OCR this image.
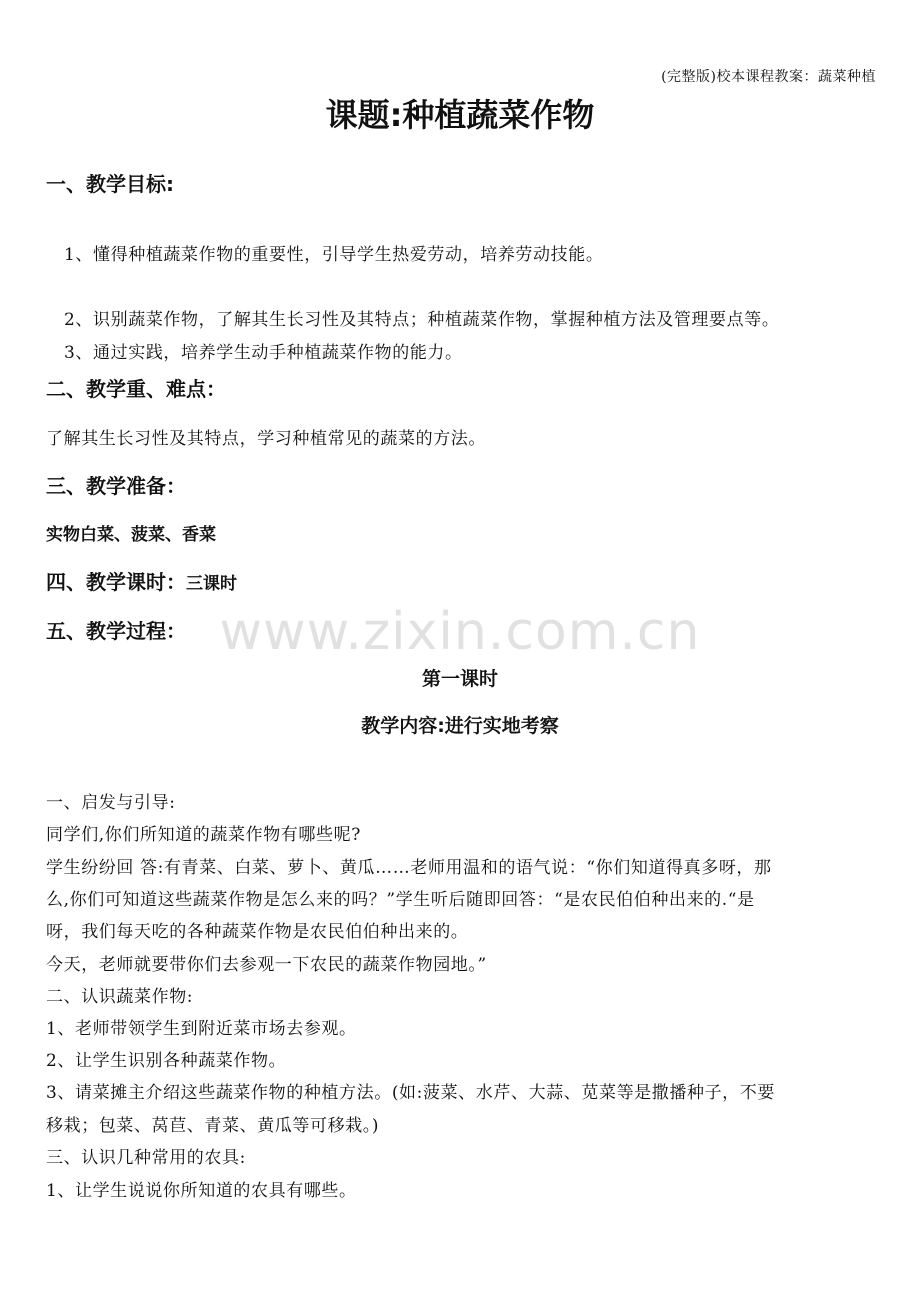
(完整版)校本课程教案：蔬菜种植
课题:种植蔬菜作物
一、教学目标:
1、懂得种植蔬菜作物的重要性，引导学生热爱劳动，培养劳动技能。
2、识别蔬菜作物，了解其生长习性及其特点；种植蔬菜作物，掌握种植方法及管理要点等。
3、通过实践，培养学生动手种植蔬菜作物的能力。
二、教学重、难点：
了解其生长习性及其特点，学习种植常见的蔬菜的方法。
三、教学准备：
实物白菜、菠菜、香菜
四、教学课时：三课时
五、教学过程： www.zixin.com.cn
第一课时
教学内容:进行实地考察
一、启发与引导:
同学们,你们所知道的蔬菜作物有哪些呢?
学生纷纷回 答:有青菜、白菜、萝卜、黄瓜……老师用温和的语气说：“你们知道得真多呀，那
么,你们可知道这些蔬菜作物是怎么来的吗？”学生听后随即回答：“是农民伯伯种出来的.“是
呀，我们每天吃的各种蔬菜作物是农民伯伯种出来的。
今天，老师就要带你们去参观一下农民的蔬菜作物园地。”
二、认识蔬菜作物:
1、老师带领学生到附近菜市场去参观。
2、让学生识别各种蔬菜作物。
3、请菜摊主介绍这些蔬菜作物的种植方法。(如:菠菜、水芹、大蒜、苋菜等是撒播种子，不要
移栽；包菜、莴苣、青菜、黄瓜等可移栽。)
三、认识几种常用的农具:
1、让学生说说你所知道的农具有哪些。
